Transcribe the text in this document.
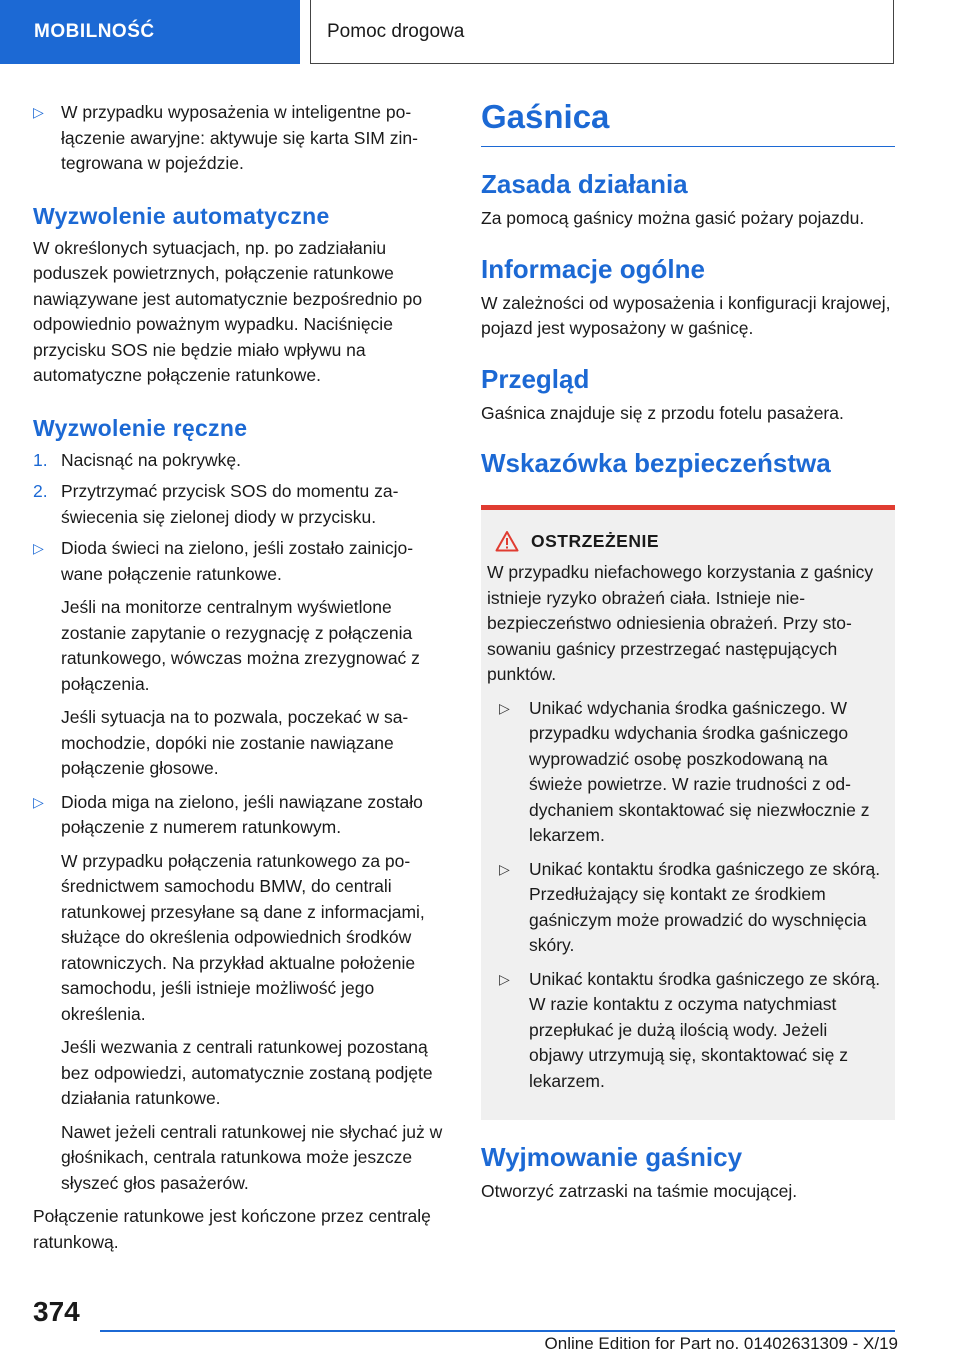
MOBILNOŚĆ	Pomoc drogowa

▷ W przypadku wyposażenia w inteligentne połączenie awaryjne: aktywuje się karta SIM zintegrowana w pojeździe.

Wyzwolenie automatyczne

W określonych sytuacjach, np. po zadziałaniu poduszek powietrznych, połączenie ratunkowe nawiązywane jest automatycznie bezpośrednio po odpowiednio poważnym wypadku. Naciśnięcie przycisku SOS nie będzie miało wpływu na automatyczne połączenie ratunkowe.

Wyzwolenie ręczne

1. Nacisnąć na pokrywkę.

2. Przytrzymać przycisk SOS do momentu zaświecenia się zielonej diody w przycisku.

▷ Dioda świeci na zielono, jeśli zostało zainicjowane połączenie ratunkowe.

Jeśli na monitorze centralnym wyświetlone zostanie zapytanie o rezygnację z połączenia ratunkowego, wówczas można zrezygnować z połączenia.

Jeśli sytuacja na to pozwala, poczekać w samochodzie, dopóki nie zostanie nawiązane połączenie głosowe.

▷ Dioda miga na zielono, jeśli nawiązane zostało połączenie z numerem ratunkowym.

W przypadku połączenia ratunkowego za pośrednictwem samochodu BMW, do centrali ratunkowej przesyłane są dane z informacjami, służące do określenia odpowiednich środków ratowniczych. Na przykład aktualne położenie samochodu, jeśli istnieje możliwość jego określenia.

Jeśli wezwania z centrali ratunkowej pozostaną bez odpowiedzi, automatycznie zostaną podjęte działania ratunkowe.

Nawet jeżeli centrali ratunkowej nie słychać już w głośnikach, centrala ratunkowa może jeszcze słyszeć głos pasażerów.

Połączenie ratunkowe jest kończone przez centralę ratunkową.

Gaśnica
Zasada działania

Za pomocą gaśnicy można gasić pożary pojazdu.

Informacje ogólne

W zależności od wyposażenia i konfiguracji krajowej, pojazd jest wyposażony w gaśnicę.

Przegląd

Gaśnica znajduje się z przodu fotelu pasażera.

Wskazówka bezpieczeństwa
OSTRZEŻENIE

W przypadku niefachowego korzystania z gaśnicy istnieje ryzyko obrażeń ciała. Istnieje niebezpieczeństwo odniesienia obrażeń. Przy stosowaniu gaśnicy przestrzegać następujących punktów.

▷ Unikać wdychania środka gaśniczego. W przypadku wdychania środka gaśniczego wyprowadzić osobę poszkodowaną na świeże powietrze. W razie trudności z oddychaniem skontaktować się niezwłocznie z lekarzem.

▷ Unikać kontaktu środka gaśniczego ze skórą. Przedłużający się kontakt ze środkiem gaśniczym może prowadzić do wyschnięcia skóry.

▷ Unikać kontaktu środka gaśniczego ze skórą. W razie kontaktu z oczyma natychmiast przepłukać je dużą ilością wody. Jeżeli objawy utrzymują się, skontaktować się z lekarzem.

Wyjmowanie gaśnicy

Otworzyć zatrzaski na taśmie mocującej.

374
Online Edition for Part no. 01402631309 - X/19
